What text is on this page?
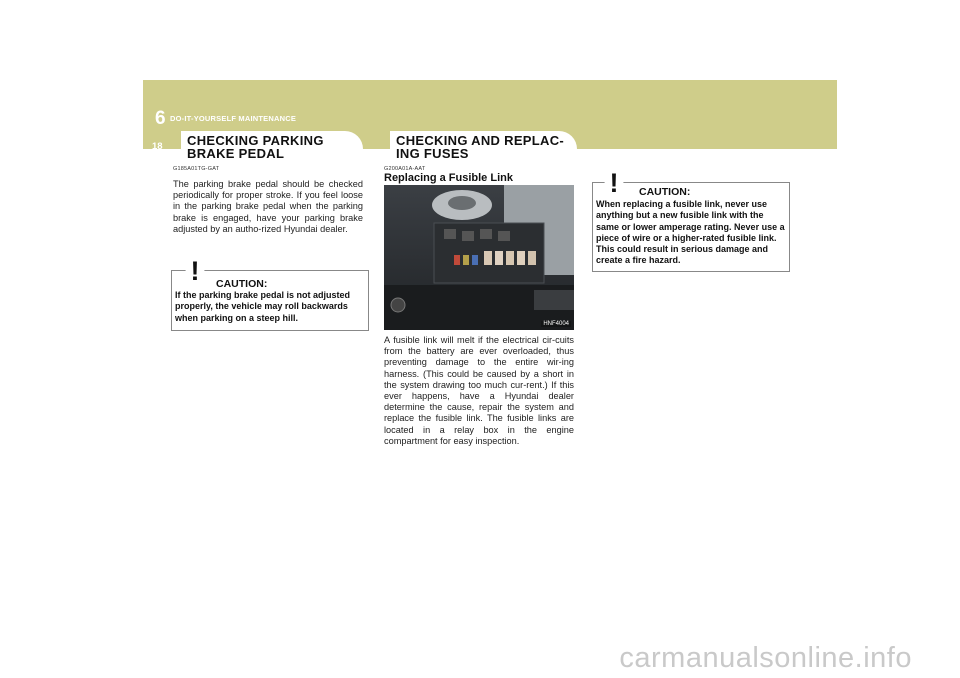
6 DO-IT-YOURSELF MAINTENANCE
18 CHECKING PARKING
BRAKE PEDAL
G185A01TG-GAT
The parking brake pedal should be checked periodically for proper stroke. If you feel loose in the parking brake pedal when the parking brake is engaged, have your parking brake adjusted by an autho-rized Hyundai dealer.
! CAUTION:
If the parking brake pedal is not adjusted properly, the vehicle may roll backwards when parking on a steep hill.
CHECKING AND REPLAC-
ING FUSES
G200A01A-AAT
Replacing a Fusible Link
HNF4004
A fusible link will melt if the electrical cir-cuits from the battery are ever overloaded, thus preventing damage to the entire wir-ing harness. (This could be caused by a short in the system drawing too much cur-rent.) If this ever happens, have a Hyundai dealer determine the cause, repair the system and replace the fusible link. The fusible links are located in a relay box in the engine compartment for easy inspection.
! CAUTION:
When replacing a fusible link, never use anything but a new fusible link with the same or lower amperage rating. Never use a piece of wire or a higher-rated fusible link. This could result in serious damage and create a fire hazard.
carmanualsonline.info
